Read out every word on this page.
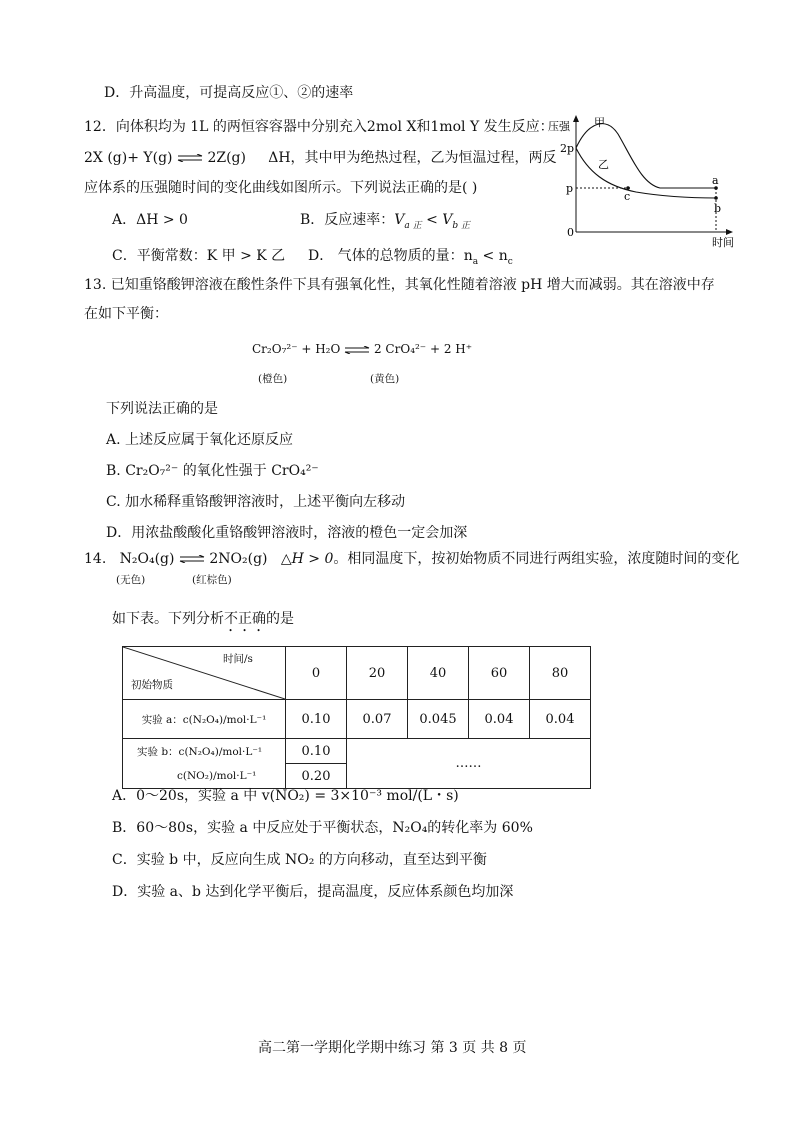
D．升高温度，可提高反应①、②的速率
12．向体积均为 1L 的两恒容容器中分别充入2mol X和1mol Y 发生反应：
2X (g)+ Y(g) ⇌ 2Z(g) ΔH，其中甲为绝热过程，乙为恒温过程，两反
应体系的压强随时间的变化曲线如图所示。下列说法正确的是( )
A．ΔH > 0	B．反应速率：$V_{a 正} < V_{b 正}$
C．平衡常数：K 甲 > K 乙 D． 气体的总物质的量：$n_a < n_c$
压强 甲
乙
2p
p
0
a
b
c
时间
13. 已知重铬酸钾溶液在酸性条件下具有强氧化性，其氧化性随着溶液 pH 增大而减弱。其在溶液中存
在如下平衡：
Cr₂O₇²⁻ + H₂O ⇌ 2 CrO₄²⁻ + 2 H⁺
(橙色)	(黄色)
下列说法正确的是
A. 上述反应属于氧化还原反应
B. Cr₂O₇²⁻ 的氧化性强于 CrO₄²⁻
C. 加水稀释重铬酸钾溶液时，上述平衡向左移动
D．用浓盐酸酸化重铬酸钾溶液时，溶液的橙色一定会加深
14. N₂O₄(g) ⇌ 2NO₂(g) △H > 0。相同温度下，按初始物质不同进行两组实验，浓度随时间的变化
(无色)	(红棕色)
如下表。下列分析不正确的是
时间/s
初始物质	0	20	40	60	80
实验 a：c(N₂O₄)/mol·L⁻¹	0.10	0.07	0.045	0.04	0.04
实验 b：c(N₂O₄)/mol·L⁻¹	0.10	……			
c(NO₂)/mol·L⁻¹	0.20				
A．0～20s，实验 a 中 v(NO₂) = 3×10⁻³ mol/(L・s)
B．60～80s，实验 a 中反应处于平衡状态，N₂O₄的转化率为 60%
C．实验 b 中，反应向生成 NO₂ 的方向移动，直至达到平衡
D．实验 a、b 达到化学平衡后，提高温度，反应体系颜色均加深
高二第一学期化学期中练习 第 3 页 共 8 页
